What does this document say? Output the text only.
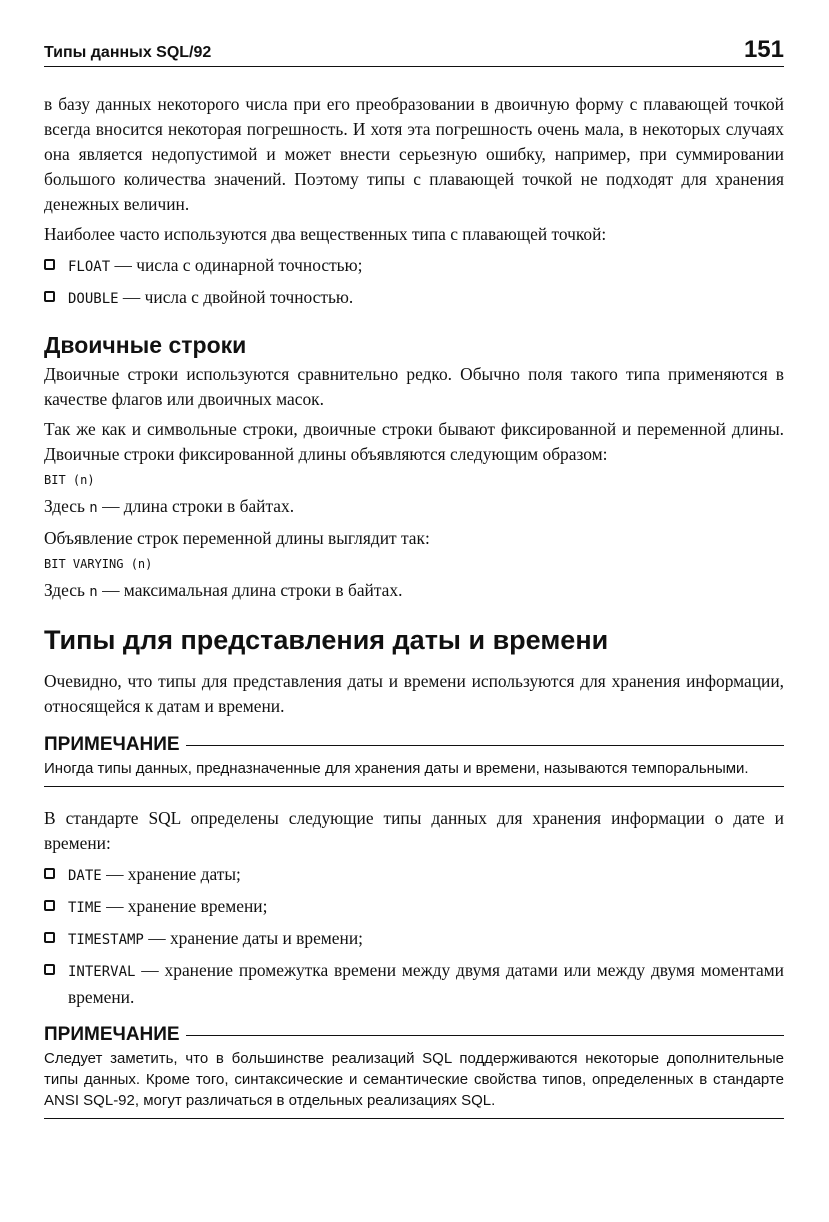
Типы данных SQL/92	151

в базу данных некоторого числа при его преобразовании в двоичную форму с плавающей точкой всегда вносится некоторая погрешность. И хотя эта погрешность очень мала, в некоторых случаях она является недопустимой и может внести серьезную ошибку, например, при суммировании большого количества значений. Поэтому типы с плавающей точкой не подходят для хранения денежных величин.

Наиболее часто используются два вещественных типа с плавающей точкой:

FLOAT — числа с одинарной точностью;
DOUBLE — числа с двойной точностью.
Двоичные строки

Двоичные строки используются сравнительно редко. Обычно поля такого типа применяются в качестве флагов или двоичных масок.

Так же как и символьные строки, двоичные строки бывают фиксированной и переменной длины. Двоичные строки фиксированной длины объявляются следующим образом:

BIT (n)

Здесь n — длина строки в байтах.

Объявление строк переменной длины выглядит так:

BIT VARYING (n)

Здесь n — максимальная длина строки в байтах.

Типы для представления даты и времени

Очевидно, что типы для представления даты и времени используются для хранения информации, относящейся к датам и времени.

ПРИМЕЧАНИЕ

Иногда типы данных, предназначенные для хранения даты и времени, называются темпоральными.

В стандарте SQL определены следующие типы данных для хранения информации о дате и времени:

DATE — хранение даты;
TIME — хранение времени;
TIMESTAMP — хранение даты и времени;
INTERVAL — хранение промежутка времени между двумя датами или между двумя моментами времени.
ПРИМЕЧАНИЕ

Следует заметить, что в большинстве реализаций SQL поддерживаются некоторые дополнительные типы данных. Кроме того, синтаксические и семантические свойства типов, определенных в стандарте ANSI SQL-92, могут различаться в отдельных реализациях SQL.
